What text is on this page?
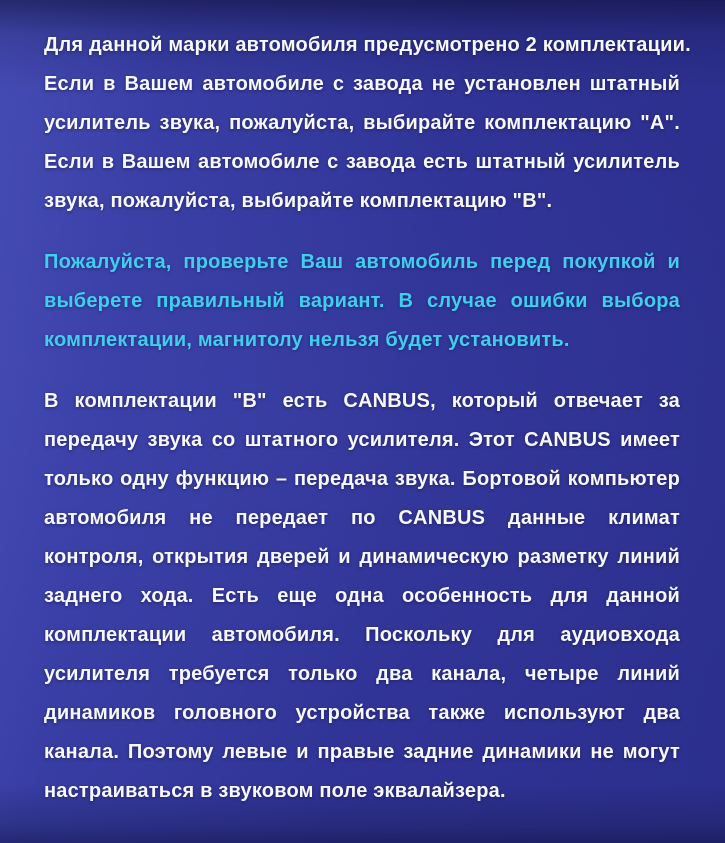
Для данной марки автомобиля предусмотрено 2 комплектации.
Если в Вашем автомобиле с завода не установлен штатный
усилитель звука, пожалуйста, выбирайте комплектацию "А".
Если в Вашем автомобиле с завода есть штатный усилитель
звука, пожалуйста, выбирайте комплектацию "В".
Пожалуйста, проверьте Ваш автомобиль перед покупкой и
выберете правильный вариант. В случае ошибки выбора
комплектации, магнитолу нельзя будет установить.
В комплектации "В" есть CANBUS, который отвечает за
передачу звука со штатного усилителя. Этот CANBUS имеет
только одну функцию – передача звука. Бортовой компьютер
автомобиля не передает по CANBUS данные климат
контроля, открытия дверей и динамическую разметку линий
заднего хода. Есть еще одна особенность для данной
комплектации автомобиля. Поскольку для аудиовхода
усилителя требуется только два канала, четыре линий
динамиков головного устройства также используют два
канала. Поэтому левые и правые задние динамики не могут
настраиваться в звуковом поле эквалайзера.
